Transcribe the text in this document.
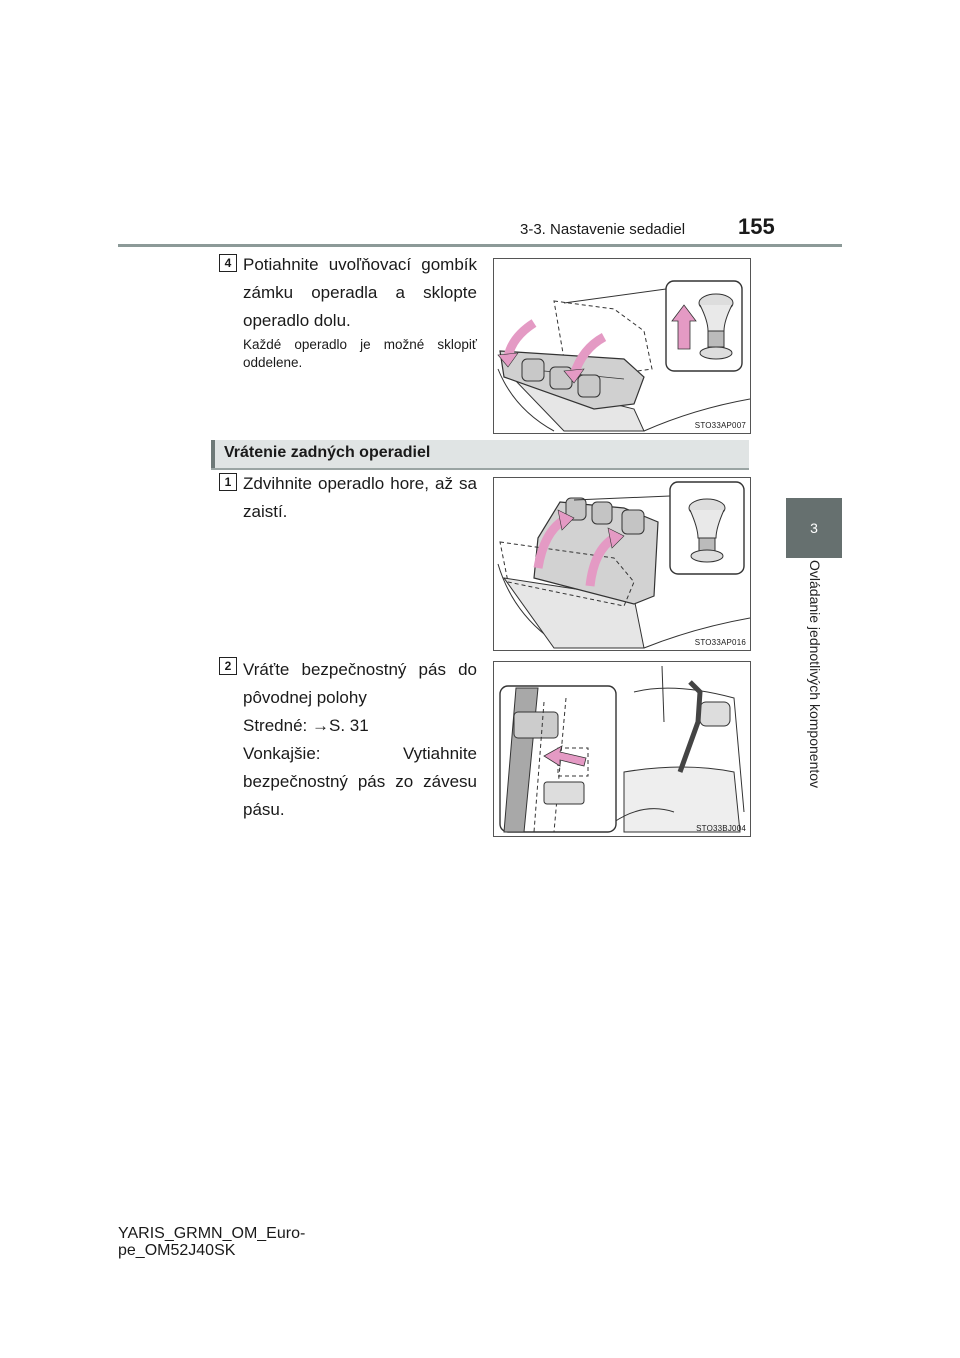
3-3. Nastavenie sedadiel 155
3
Ovládanie jednotlivých komponentov
4 Potiahnite uvoľňovací gombík zámku operadla a sklopte operadlo dolu.
Každé operadlo je možné sklopiť oddelene.
STO33AP007
Vrátenie zadných operadiel
1 Zdvihnite operadlo hore, až sa zaistí.
STO33AP016
2 Vráťte bezpečnostný pás do pôvodnej polohy
Stredné: →S. 31
Vonkajšie: Vytiahnite bezpečnostný pás zo závesu pásu.
STO33BJ004
YARIS_GRMN_OM_Euro-
pe_OM52J40SK
